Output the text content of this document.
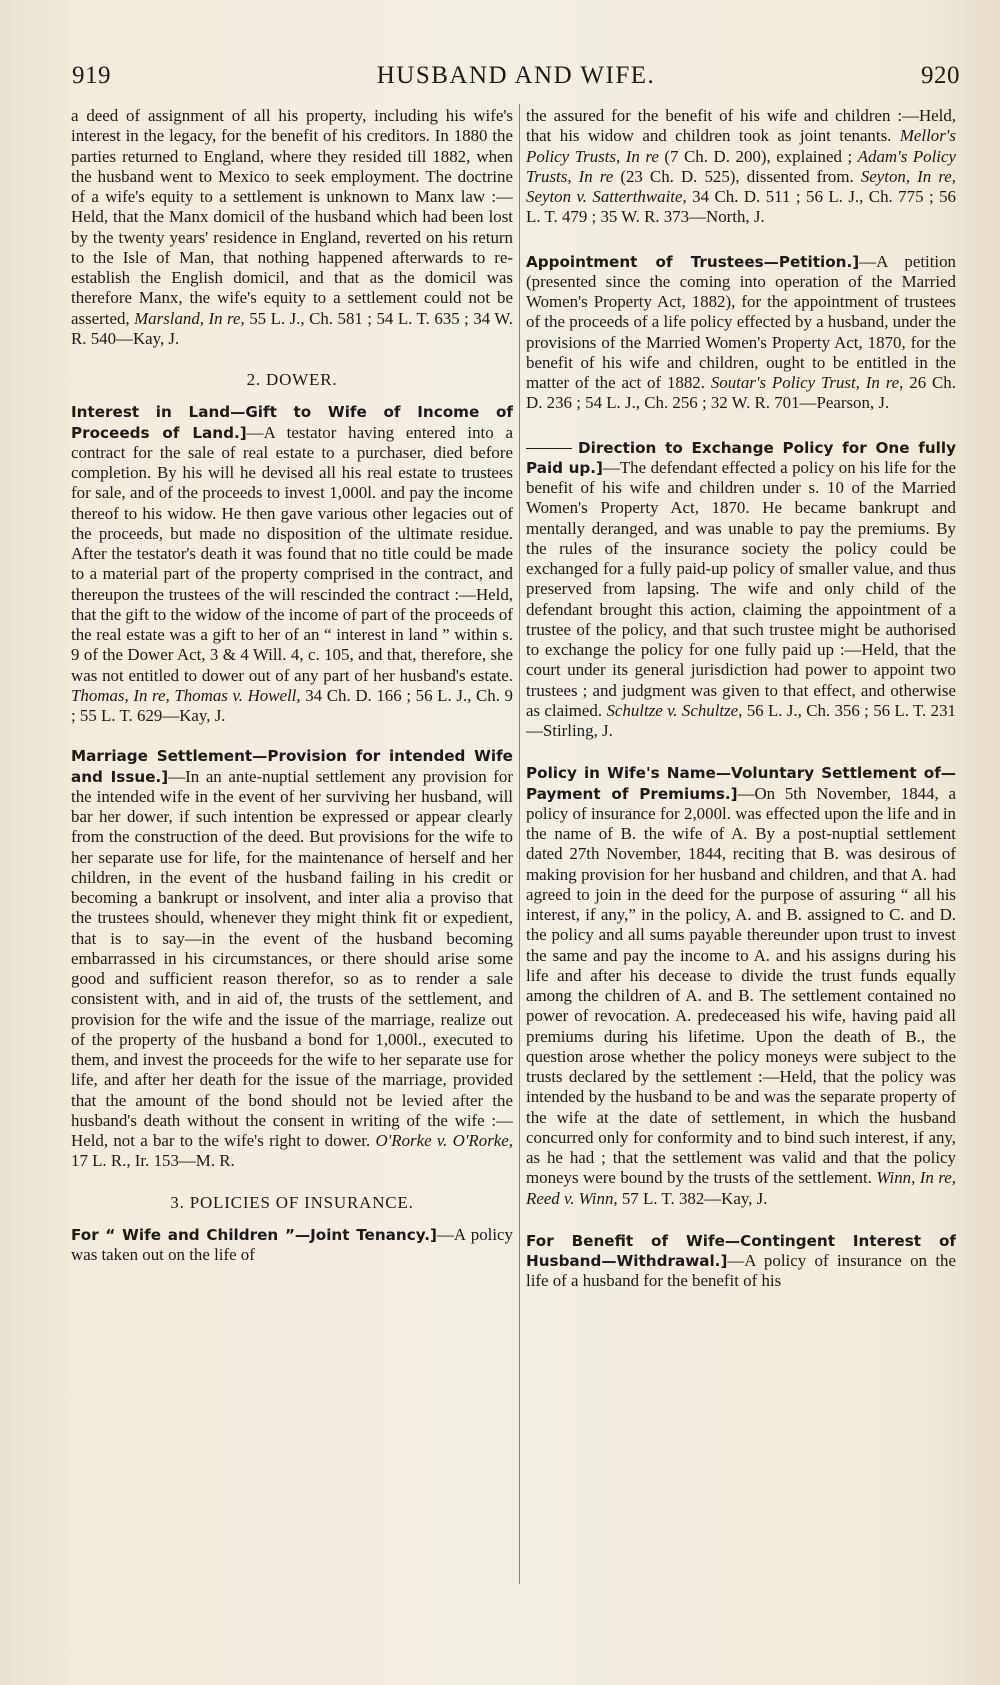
919	HUSBAND AND WIFE.	920

a deed of assignment of all his property, including his wife's interest in the legacy, for the benefit of his creditors. In 1880 the parties returned to England, where they resided till 1882, when the husband went to Mexico to seek employment. The doctrine of a wife's equity to a settlement is unknown to Manx law :—Held, that the Manx domicil of the husband which had been lost by the twenty years' residence in England, reverted on his return to the Isle of Man, that nothing happened afterwards to re-establish the English domicil, and that as the domicil was therefore Manx, the wife's equity to a settlement could not be asserted, Marsland, In re, 55 L. J., Ch. 581 ; 54 L. T. 635 ; 34 W. R. 540—Kay, J.

2. DOWER.

Interest in Land—Gift to Wife of Income of Proceeds of Land.]—A testator having entered into a contract for the sale of real estate to a purchaser, died before completion. By his will he devised all his real estate to trustees for sale, and of the proceeds to invest 1,000l. and pay the income thereof to his widow. He then gave various other legacies out of the proceeds, but made no disposition of the ultimate residue. After the testator's death it was found that no title could be made to a material part of the property comprised in the contract, and thereupon the trustees of the will rescinded the contract :—Held, that the gift to the widow of the income of part of the proceeds of the real estate was a gift to her of an “ interest in land ” within s. 9 of the Dower Act, 3 & 4 Will. 4, c. 105, and that, therefore, she was not entitled to dower out of any part of her husband's estate. Thomas, In re, Thomas v. Howell, 34 Ch. D. 166 ; 56 L. J., Ch. 9 ; 55 L. T. 629—Kay, J.

Marriage Settlement—Provision for intended Wife and Issue.]—In an ante-nuptial settlement any provision for the intended wife in the event of her surviving her husband, will bar her dower, if such intention be expressed or appear clearly from the construction of the deed. But provisions for the wife to her separate use for life, for the maintenance of herself and her children, in the event of the husband failing in his credit or becoming a bankrupt or insolvent, and inter alia a proviso that the trustees should, whenever they might think fit or expedient, that is to say—in the event of the husband becoming embarrassed in his circumstances, or there should arise some good and sufficient reason therefor, so as to render a sale consistent with, and in aid of, the trusts of the settlement, and provision for the wife and the issue of the marriage, realize out of the property of the husband a bond for 1,000l., executed to them, and invest the proceeds for the wife to her separate use for life, and after her death for the issue of the marriage, provided that the amount of the bond should not be levied after the husband's death without the consent in writing of the wife :—Held, not a bar to the wife's right to dower. O'Rorke v. O'Rorke, 17 L. R., Ir. 153—M. R.

3. POLICIES OF INSURANCE.

For “ Wife and Children ”—Joint Tenancy.]—A policy was taken out on the life of

the assured for the benefit of his wife and children :—Held, that his widow and children took as joint tenants. Mellor's Policy Trusts, In re (7 Ch. D. 200), explained ; Adam's Policy Trusts, In re (23 Ch. D. 525), dissented from. Seyton, In re, Seyton v. Satterthwaite, 34 Ch. D. 511 ; 56 L. J., Ch. 775 ; 56 L. T. 479 ; 35 W. R. 373—North, J.

Appointment of Trustees—Petition.]—A petition (presented since the coming into operation of the Married Women's Property Act, 1882), for the appointment of trustees of the proceeds of a life policy effected by a husband, under the provisions of the Married Women's Property Act, 1870, for the benefit of his wife and children, ought to be entitled in the matter of the act of 1882. Soutar's Policy Trust, In re, 26 Ch. D. 236 ; 54 L. J., Ch. 256 ; 32 W. R. 701—Pearson, J.

Direction to Exchange Policy for One fully Paid up.]—The defendant effected a policy on his life for the benefit of his wife and children under s. 10 of the Married Women's Property Act, 1870. He became bankrupt and mentally deranged, and was unable to pay the premiums. By the rules of the insurance society the policy could be exchanged for a fully paid-up policy of smaller value, and thus preserved from lapsing. The wife and only child of the defendant brought this action, claiming the appointment of a trustee of the policy, and that such trustee might be authorised to exchange the policy for one fully paid up :—Held, that the court under its general jurisdiction had power to appoint two trustees ; and judgment was given to that effect, and otherwise as claimed. Schultze v. Schultze, 56 L. J., Ch. 356 ; 56 L. T. 231—Stirling, J.

Policy in Wife's Name—Voluntary Settlement of—Payment of Premiums.]—On 5th November, 1844, a policy of insurance for 2,000l. was effected upon the life and in the name of B. the wife of A. By a post-nuptial settlement dated 27th November, 1844, reciting that B. was desirous of making provision for her husband and children, and that A. had agreed to join in the deed for the purpose of assuring “ all his interest, if any,” in the policy, A. and B. assigned to C. and D. the policy and all sums payable thereunder upon trust to invest the same and pay the income to A. and his assigns during his life and after his decease to divide the trust funds equally among the children of A. and B. The settlement contained no power of revocation. A. predeceased his wife, having paid all premiums during his lifetime. Upon the death of B., the question arose whether the policy moneys were subject to the trusts declared by the settlement :—Held, that the policy was intended by the husband to be and was the separate property of the wife at the date of settlement, in which the husband concurred only for conformity and to bind such interest, if any, as he had ; that the settlement was valid and that the policy moneys were bound by the trusts of the settlement. Winn, In re, Reed v. Winn, 57 L. T. 382—Kay, J.

For Benefit of Wife—Contingent Interest of Husband—Withdrawal.]—A policy of insurance on the life of a husband for the benefit of his
